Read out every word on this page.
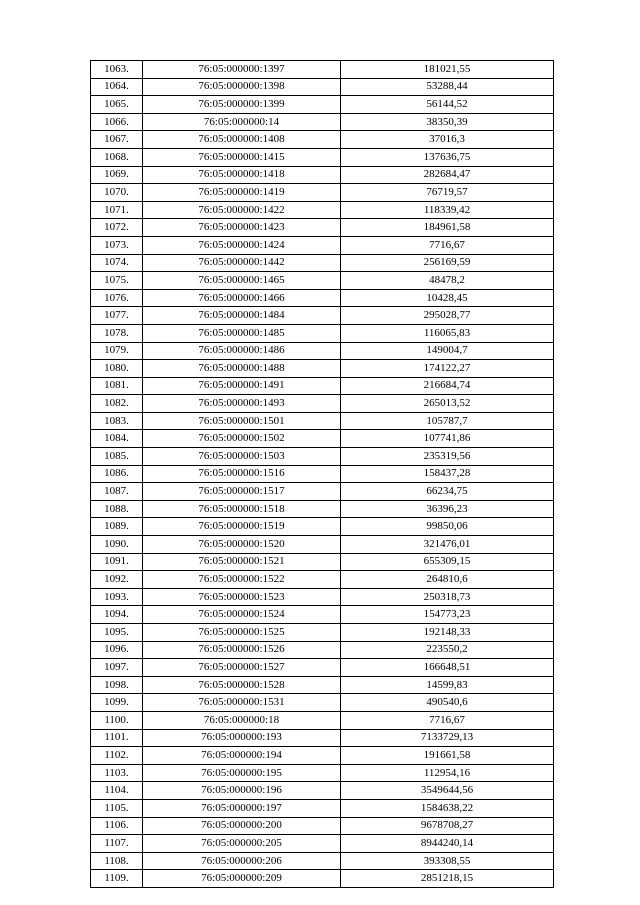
1063.	76:05:000000:1397	181021,55
1064.	76:05:000000:1398	53288,44
1065.	76:05:000000:1399	56144,52
1066.	76:05:000000:14	38350,39
1067.	76:05:000000:1408	37016,3
1068.	76:05:000000:1415	137636,75
1069.	76:05:000000:1418	282684,47
1070.	76:05:000000:1419	76719,57
1071.	76:05:000000:1422	118339,42
1072.	76:05:000000:1423	184961,58
1073.	76:05:000000:1424	7716,67
1074.	76:05:000000:1442	256169,59
1075.	76:05:000000:1465	48478,2
1076.	76:05:000000:1466	10428,45
1077.	76:05:000000:1484	295028,77
1078.	76:05:000000:1485	116065,83
1079.	76:05:000000:1486	149004,7
1080.	76:05:000000:1488	174122,27
1081.	76:05:000000:1491	216684,74
1082.	76:05:000000:1493	265013,52
1083.	76:05:000000:1501	105787,7
1084.	76:05:000000:1502	107741,86
1085.	76:05:000000:1503	235319,56
1086.	76:05:000000:1516	158437,28
1087.	76:05:000000:1517	66234,75
1088.	76:05:000000:1518	36396,23
1089.	76:05:000000:1519	99850,06
1090.	76:05:000000:1520	321476,01
1091.	76:05:000000:1521	655309,15
1092.	76:05:000000:1522	264810,6
1093.	76:05:000000:1523	250318,73
1094.	76:05:000000:1524	154773,23
1095.	76:05:000000:1525	192148,33
1096.	76:05:000000:1526	223550,2
1097.	76:05:000000:1527	166648,51
1098.	76:05:000000:1528	14599,83
1099.	76:05:000000:1531	490540,6
1100.	76:05:000000:18	7716,67
1101.	76:05:000000:193	7133729,13
1102.	76:05:000000:194	191661,58
1103.	76:05:000000:195	112954,16
1104.	76:05:000000:196	3549644,56
1105.	76:05:000000:197	1584638,22
1106.	76:05:000000:200	9678708,27
1107.	76:05:000000:205	8944240,14
1108.	76:05:000000:206	393308,55
1109.	76:05:000000:209	2851218,15
